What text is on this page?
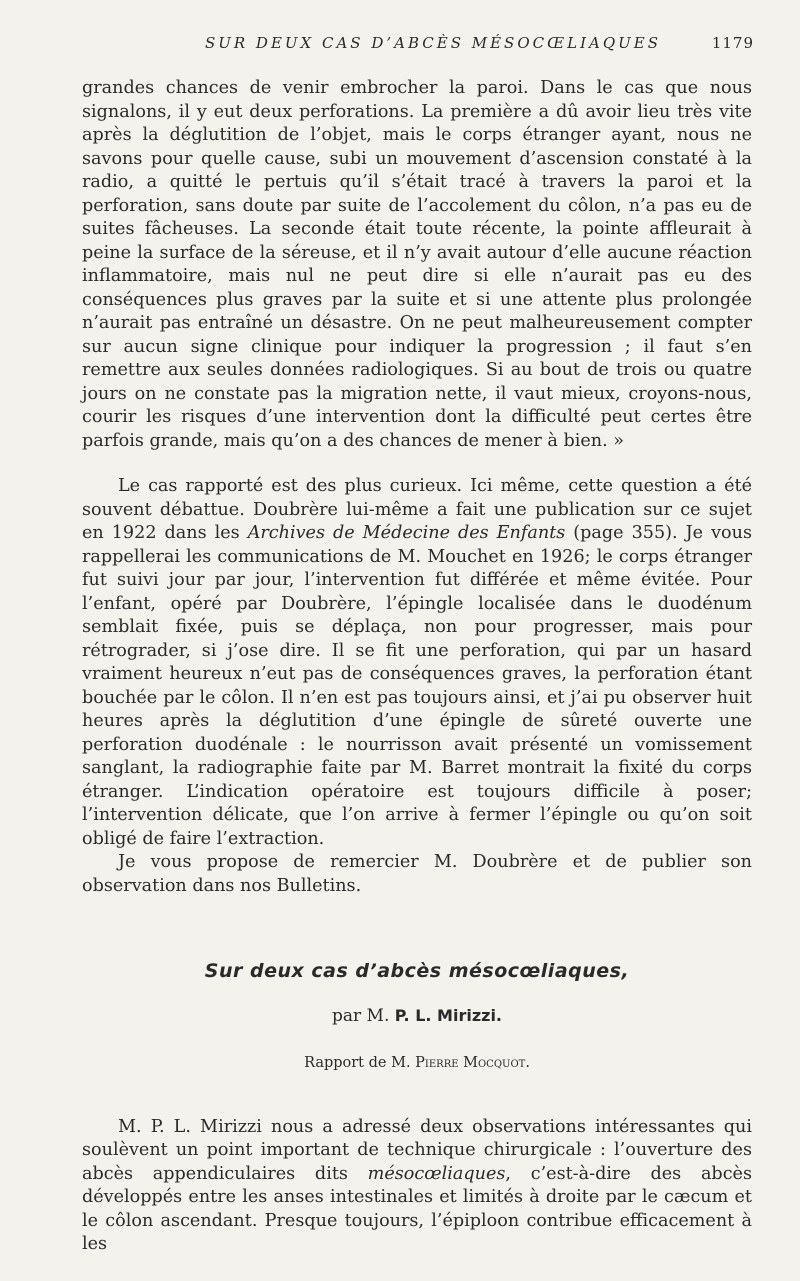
SUR DEUX CAS D’ABCÈS MÉSOCŒLIAQUES	1179

grandes chances de venir embrocher la paroi. Dans le cas que nous signalons, il y eut deux perforations. La première a dû avoir lieu très vite après la déglutition de l’objet, mais le corps étranger ayant, nous ne savons pour quelle cause, subi un mouvement d’ascension constaté à la radio, a quitté le pertuis qu’il s’était tracé à travers la paroi et la perforation, sans doute par suite de l’accolement du côlon, n’a pas eu de suites fâcheuses. La seconde était toute récente, la pointe affleurait à peine la surface de la séreuse, et il n’y avait autour d’elle aucune réaction inflammatoire, mais nul ne peut dire si elle n’aurait pas eu des conséquences plus graves par la suite et si une attente plus prolongée n’aurait pas entraîné un désastre. On ne peut malheureusement compter sur aucun signe clinique pour indiquer la progression ; il faut s’en remettre aux seules données radiologiques. Si au bout de trois ou quatre jours on ne constate pas la migration nette, il vaut mieux, croyons-nous, courir les risques d’une intervention dont la difficulté peut certes être parfois grande, mais qu’on a des chances de mener à bien. »

Le cas rapporté est des plus curieux. Ici même, cette question a été souvent débattue. Doubrère lui-même a fait une publication sur ce sujet en 1922 dans les Archives de Médecine des Enfants (page 355). Je vous rappellerai les communications de M. Mouchet en 1926; le corps étranger fut suivi jour par jour, l’intervention fut différée et même évitée. Pour l’enfant, opéré par Doubrère, l’épingle localisée dans le duodénum semblait fixée, puis se déplaça, non pour progresser, mais pour rétrograder, si j’ose dire. Il se fit une perforation, qui par un hasard vraiment heureux n’eut pas de conséquences graves, la perforation étant bouchée par le côlon. Il n’en est pas toujours ainsi, et j’ai pu observer huit heures après la déglutition d’une épingle de sûreté ouverte une perforation duodénale : le nourrisson avait présenté un vomissement sanglant, la radiographie faite par M. Barret montrait la fixité du corps étranger. L’indication opératoire est toujours difficile à poser; l’intervention délicate, que l’on arrive à fermer l’épingle ou qu’on soit obligé de faire l’extraction.

Je vous propose de remercier M. Doubrère et de publier son observation dans nos Bulletins.

Sur deux cas d’abcès mésocœliaques,

par M. P. L. Mirizzi.

Rapport de M. Pierre Mocquot.

M. P. L. Mirizzi nous a adressé deux observations intéressantes qui soulèvent un point important de technique chirurgicale : l’ouverture des abcès appendiculaires dits mésocœliaques, c’est-à-dire des abcès développés entre les anses intestinales et limités à droite par le cæcum et le côlon ascendant. Presque toujours, l’épiploon contribue efficacement à les
